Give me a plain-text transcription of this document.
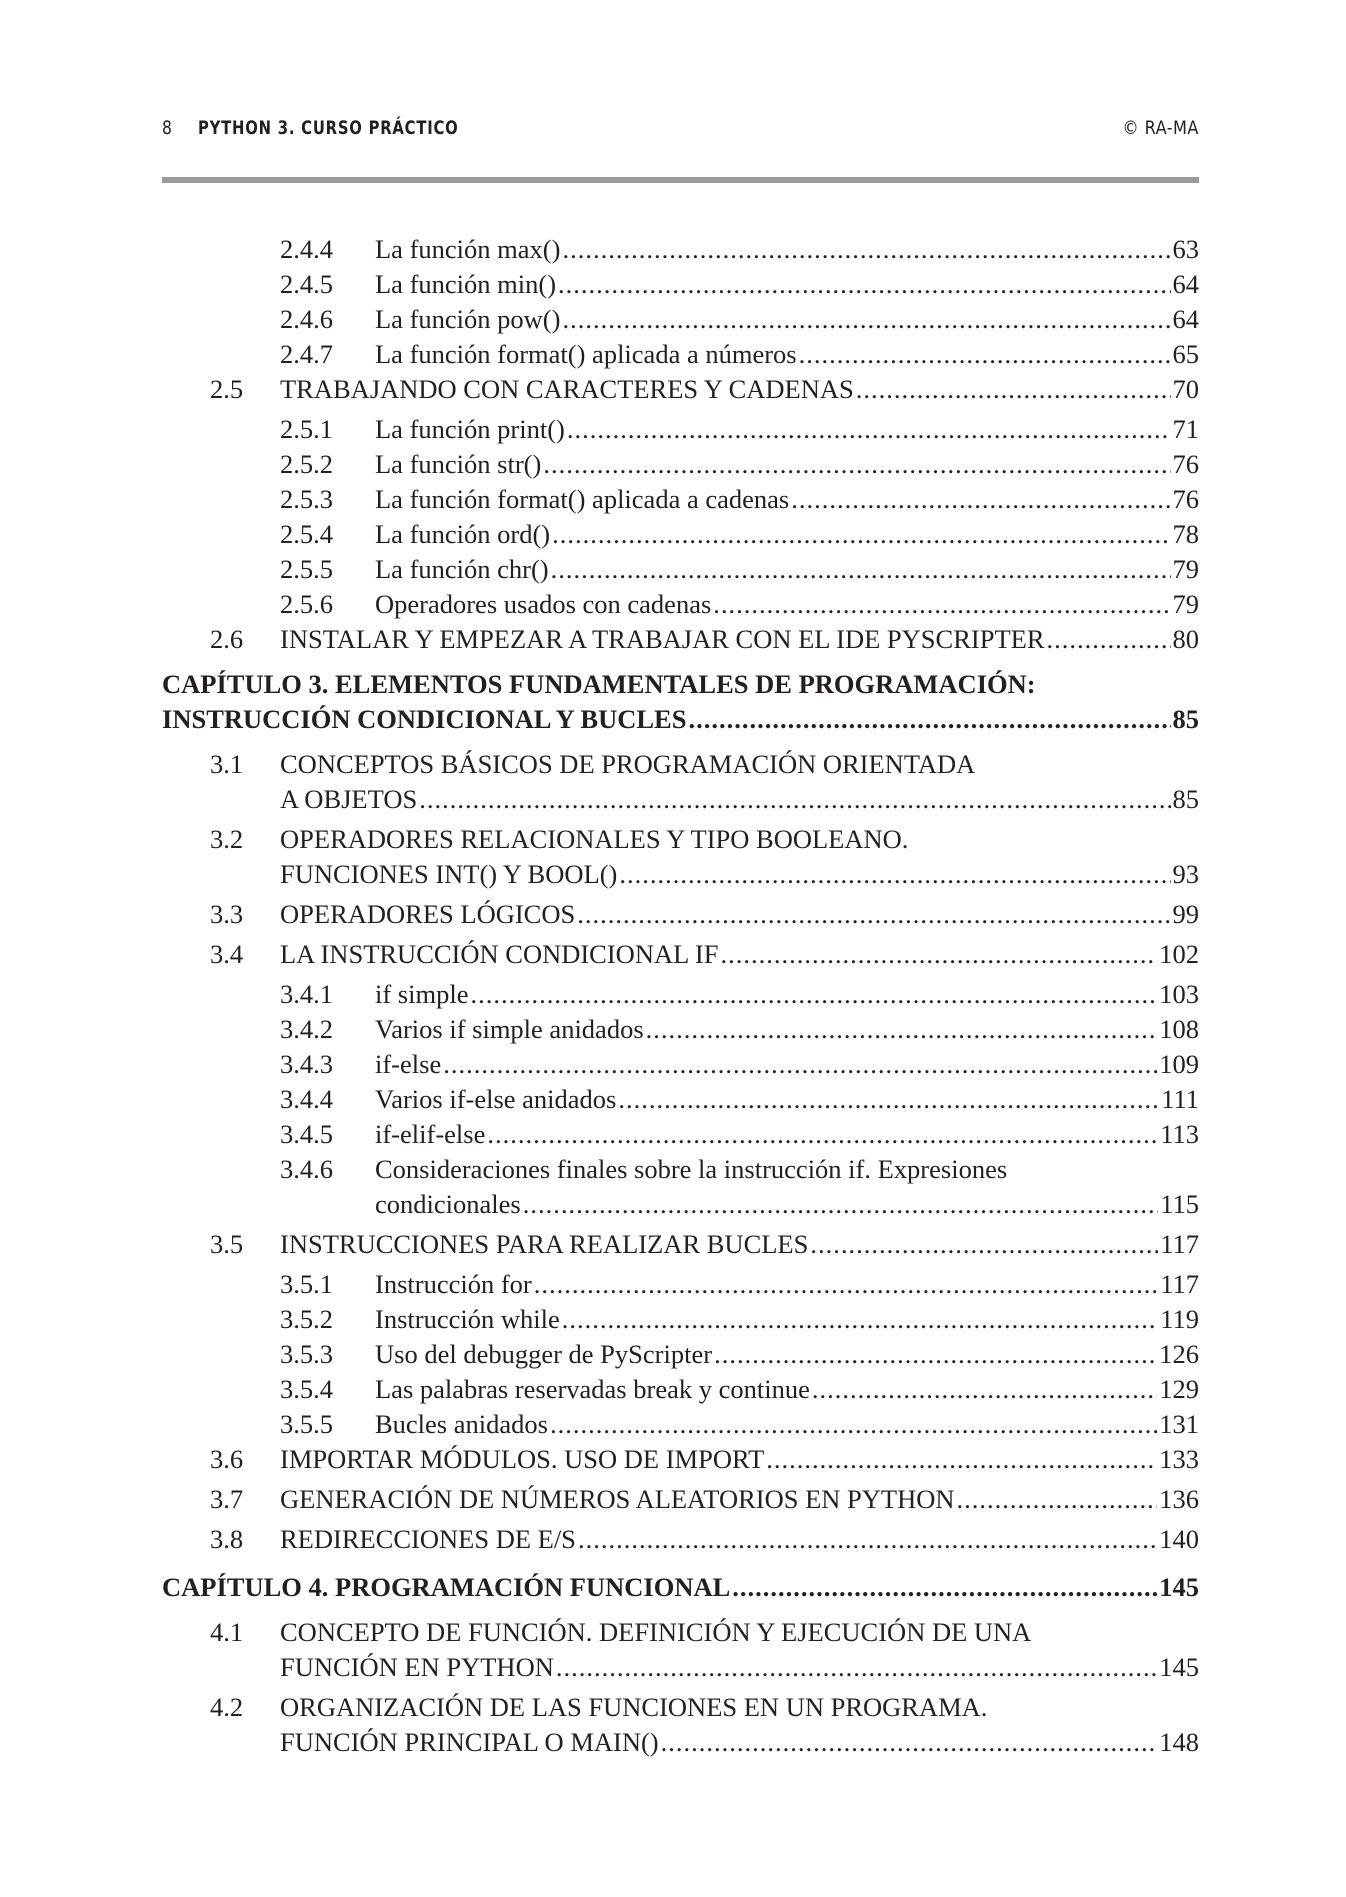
8 PYTHON 3. CURSO PRÁCTICO	© RA-MA
2.4.4 La función max() .....	63
2.4.5 La función min() .....	64
2.4.6 La función pow() .....	64
2.4.7 La función format() aplicada a números .....	65
2.5 TRABAJANDO CON CARACTERES Y CADENAS .....	70
2.5.1 La función print() .....	71
2.5.2 La función str() .....	76
2.5.3 La función format() aplicada a cadenas .....	76
2.5.4 La función ord() .....	78
2.5.5 La función chr() .....	79
2.5.6 Operadores usados con cadenas .....	79
2.6 INSTALAR Y EMPEZAR A TRABAJAR CON EL IDE PYSCRIPTER .....	80
CAPÍTULO 3. ELEMENTOS FUNDAMENTALES DE PROGRAMACIÓN:
INSTRUCCIÓN CONDICIONAL Y BUCLES .....	85
3.1 CONCEPTOS BÁSICOS DE PROGRAMACIÓN ORIENTADA
A OBJETOS .....	85
3.2 OPERADORES RELACIONALES Y TIPO BOOLEANO.
FUNCIONES INT() Y BOOL() .....	93
3.3 OPERADORES LÓGICOS .....	99
3.4 LA INSTRUCCIÓN CONDICIONAL IF .....	102
3.4.1 if simple .....	103
3.4.2 Varios if simple anidados .....	108
3.4.3 if-else .....	109
3.4.4 Varios if-else anidados .....	111
3.4.5 if-elif-else .....	113
3.4.6 Consideraciones finales sobre la instrucción if. Expresiones
condicionales .....	115
3.5 INSTRUCCIONES PARA REALIZAR BUCLES .....	117
3.5.1 Instrucción for .....	117
3.5.2 Instrucción while .....	119
3.5.3 Uso del debugger de PyScripter .....	126
3.5.4 Las palabras reservadas break y continue .....	129
3.5.5 Bucles anidados .....	131
3.6 IMPORTAR MÓDULOS. USO DE IMPORT .....	133
3.7 GENERACIÓN DE NÚMEROS ALEATORIOS EN PYTHON .....	136
3.8 REDIRECCIONES DE E/S .....	140
CAPÍTULO 4. PROGRAMACIÓN FUNCIONAL .....	145
4.1 CONCEPTO DE FUNCIÓN. DEFINICIÓN Y EJECUCIÓN DE UNA
FUNCIÓN EN PYTHON .....	145
4.2 ORGANIZACIÓN DE LAS FUNCIONES EN UN PROGRAMA.
FUNCIÓN PRINCIPAL O MAIN() .....	148
